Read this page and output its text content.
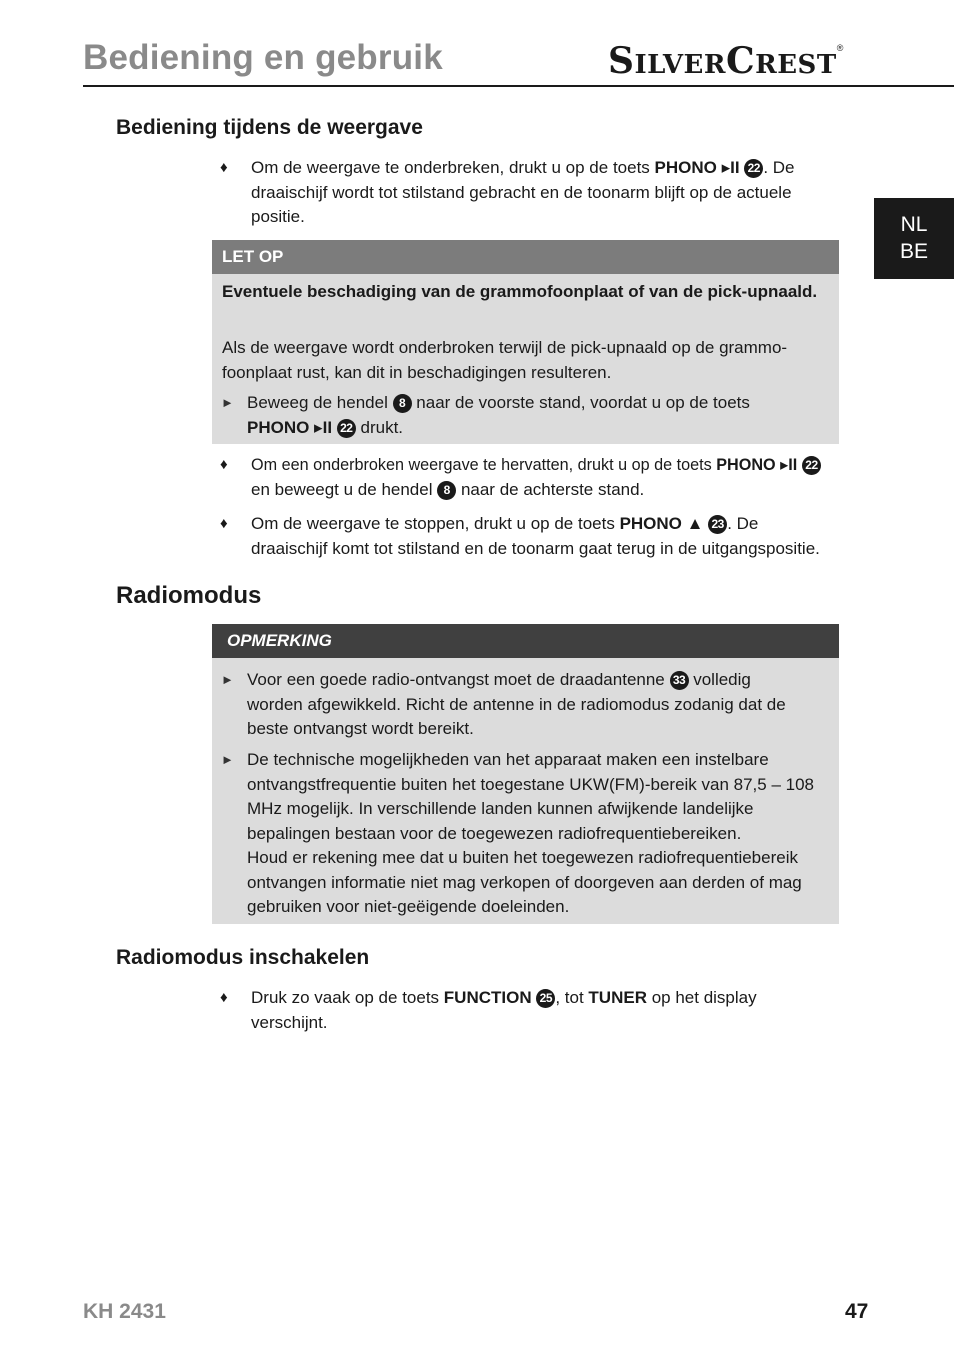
Bediening en gebruik	SILVERCREST®
NL
BE
Bediening tijdens de weergave
♦ Om de weergave te onderbreken, drukt u op de toets PHONO ▸II 22 . De draaischijf wordt tot stilstand gebracht en de toonarm blijft op de actuele positie.
LET OP
Eventuele beschadiging van de grammofoonplaat of van de pick-upnaald.
Als de weergave wordt onderbroken terwijl de pick-upnaald op de grammo-foonplaat rust, kan dit in beschadigingen resulteren.
► Beweeg de hendel 8 naar de voorste stand, voordat u op de toets
PHONO ▸II 22 drukt.
♦ Om een onderbroken weergave te hervatten, drukt u op de toets PHONO ▸II 22
en beweegt u de hendel 8 naar de achterste stand.
♦ Om de weergave te stoppen, drukt u op de toets PHONO ▲ 23 . De draaischijf komt tot stilstand en de toonarm gaat terug in de uitgangspositie.
Radiomodus
OPMERKING
► Voor een goede radio-ontvangst moet de draadantenne 33 volledig worden afgewikkeld. Richt de antenne in de radiomodus zodanig dat de beste ontvangst wordt bereikt.
► De technische mogelijkheden van het apparaat maken een instelbare ontvangstfrequentie buiten het toegestane UKW(FM)-bereik van 87,5 – 108 MHz mogelijk. In verschillende landen kunnen afwijkende landelijke bepalingen bestaan voor de toegewezen radiofrequentiebereiken.
Houd er rekening mee dat u buiten het toegewezen radiofrequentiebereik ontvangen informatie niet mag verkopen of doorgeven aan derden of mag gebruiken voor niet-geëigende doeleinden.
Radiomodus inschakelen
♦ Druk zo vaak op de toets FUNCTION 25 , tot TUNER op het display verschijnt.
KH 2431	47
